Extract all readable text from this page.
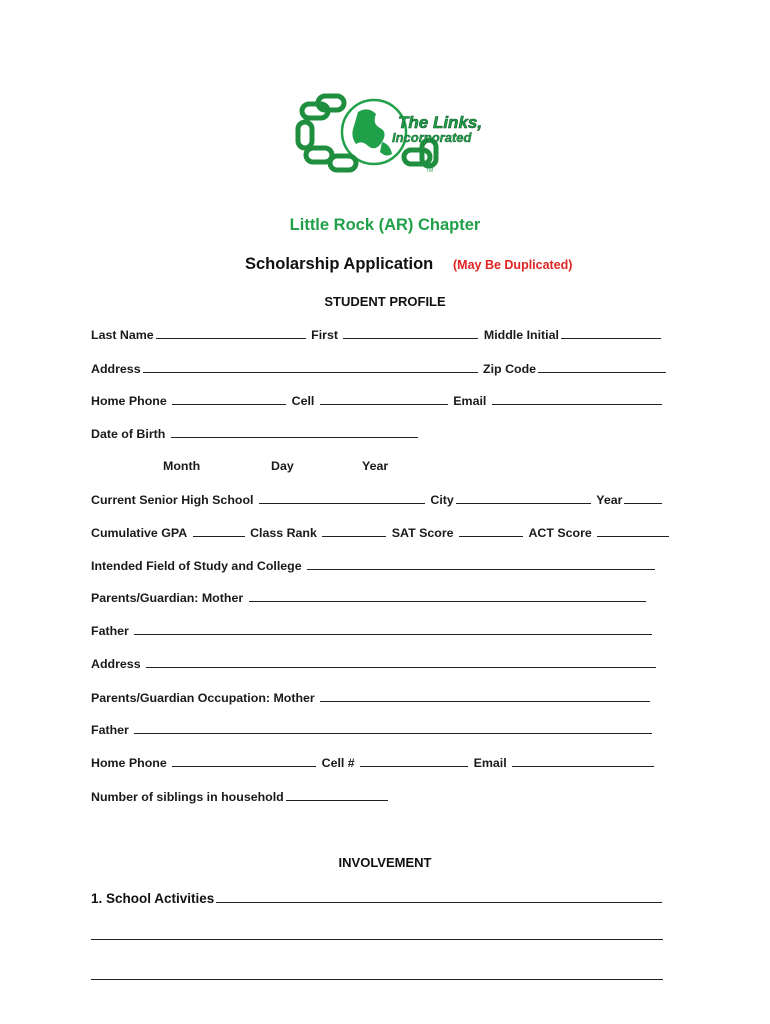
The Links,
Incorporated
TM
Little Rock (AR) Chapter
Scholarship Application (May Be Duplicated)
STUDENT PROFILE
Last Name	First	Middle Initial
Address	Zip Code
Home Phone	Cell	Email
Date of Birth
Month	Day	Year
Current Senior High School	City	Year
Cumulative GPA	Class Rank	SAT Score	ACT Score
Intended Field of Study and College
Parents/Guardian: Mother
Father
Address
Parents/Guardian Occupation: Mother
Father
Home Phone	Cell #	Email
Number of siblings in household
INVOLVEMENT
1. School Activities
